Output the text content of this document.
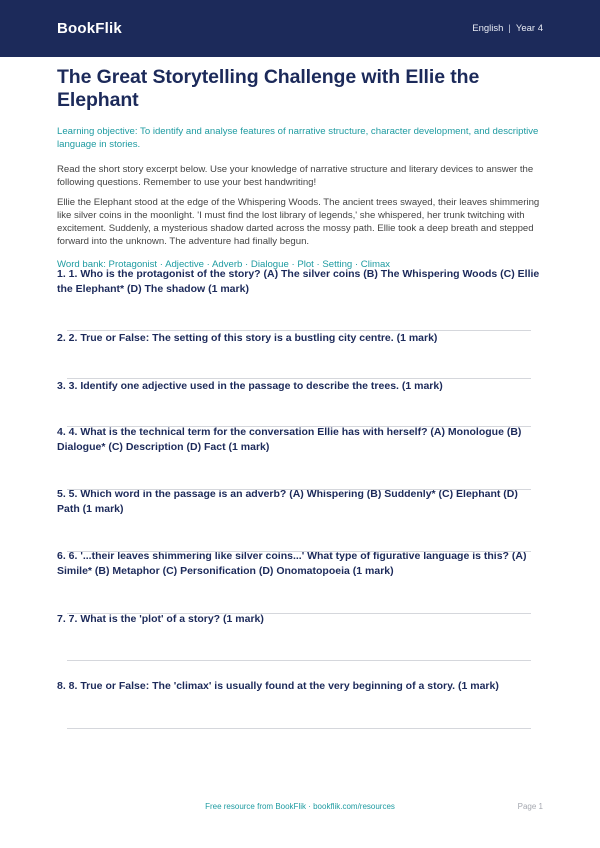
BookFlik	English | Year 4
The Great Storytelling Challenge with Ellie the Elephant

Learning objective: To identify and analyse features of narrative structure, character development, and descriptive language in stories.

Read the short story excerpt below. Use your knowledge of narrative structure and literary devices to answer the following questions. Remember to use your best handwriting!

Ellie the Elephant stood at the edge of the Whispering Woods. The ancient trees swayed, their leaves shimmering like silver coins in the moonlight. 'I must find the lost library of legends,' she whispered, her trunk twitching with excitement. Suddenly, a mysterious shadow darted across the mossy path. Ellie took a deep breath and stepped forward into the unknown. The adventure had finally begun.

Word bank: Protagonist · Adjective · Adverb · Dialogue · Plot · Setting · Climax

1. 1. Who is the protagonist of the story? (A) The silver coins (B) The Whispering Woods (C) Ellie the Elephant* (D) The shadow (1 mark)

2. 2. True or False: The setting of this story is a bustling city centre. (1 mark)

3. 3. Identify one adjective used in the passage to describe the trees. (1 mark)

4. 4. What is the technical term for the conversation Ellie has with herself? (A) Monologue (B) Dialogue* (C) Description (D) Fact (1 mark)

5. 5. Which word in the passage is an adverb? (A) Whispering (B) Suddenly* (C) Elephant (D) Path (1 mark)

6. 6. '...their leaves shimmering like silver coins...' What type of figurative language is this? (A) Simile* (B) Metaphor (C) Personification (D) Onomatopoeia (1 mark)

7. 7. What is the 'plot' of a story? (1 mark)

8. 8. True or False: The 'climax' is usually found at the very beginning of a story. (1 mark)

Free resource from BookFlik · bookflik.com/resources	Page 1
